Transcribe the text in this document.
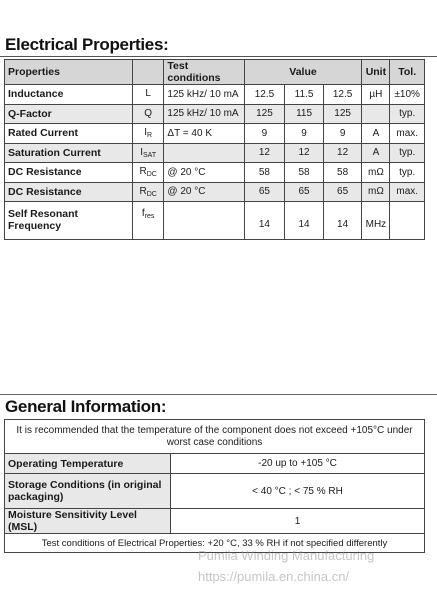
Electrical Properties:
Properties		Test conditions	Value			Unit	Tol.
Inductance	L	125 kHz/ 10 mA	12.5	11.5	12.5	µH	±10%
Q-Factor	Q	125 kHz/ 10 mA	125	115	125		typ.
Rated Current	$I_R$	ΔT = 40 K	9	9	9	A	max.
Saturation Current	$I_{SAT}$		12	12	12	A	typ.
DC Resistance	$R_{DC}$	@ 20 °C	58	58	58	mΩ	typ.
DC Resistance	$R_{DC}$	@ 20 °C	65	65	65	mΩ	max.
Self Resonant Frequency	$f_{res}$		14	14	14	MHz	
General Information:
It is recommended that the temperature of the component does not exceed +105°C under worst case conditions	
Operating Temperature	-20 up to +105 °C
Storage Conditions (in original packaging)	< 40 °C ; < 75 % RH
Moisture Sensitivity Level (MSL)	1
Test conditions of Electrical Properties: +20 °C, 33 % RH if not specified differently	
Pumila Winding Manufacturing
https://pumila.en.china.cn/
